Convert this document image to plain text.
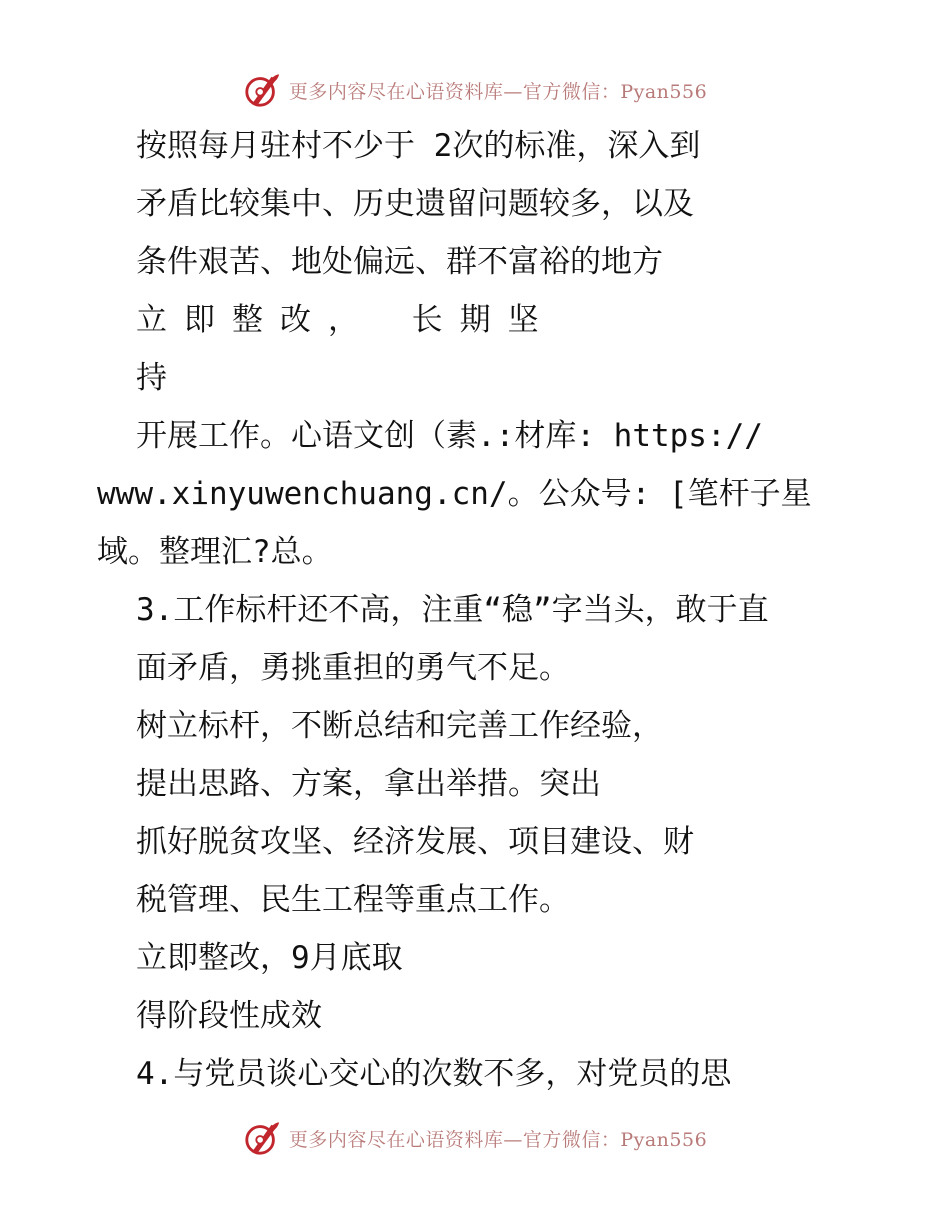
更多内容尽在心语资料库—官方微信：Pyan556
按照每月驻村不少于 2次的标准，深入到
矛盾比较集中、历史遗留问题较多，以及
条件艰苦、地处偏远、群不富裕的地方
立即整改， 长期坚
持
开展工作。心语文创（素.:材库: https://
www.xinyuwenchuang.cn/。公众号: [笔杆子星
域。整理汇?总。
3.工作标杆还不高，注重“稳”字当头，敢于直
面矛盾，勇挑重担的勇气不足。
树立标杆，不断总结和完善工作经验，
提出思路、方案，拿出举措。突出
抓好脱贫攻坚、经济发展、项目建设、财
税管理、民生工程等重点工作。
立即整改，9月底取
得阶段性成效
4.与党员谈心交心的次数不多，对党员的思
更多内容尽在心语资料库—官方微信：Pyan556
